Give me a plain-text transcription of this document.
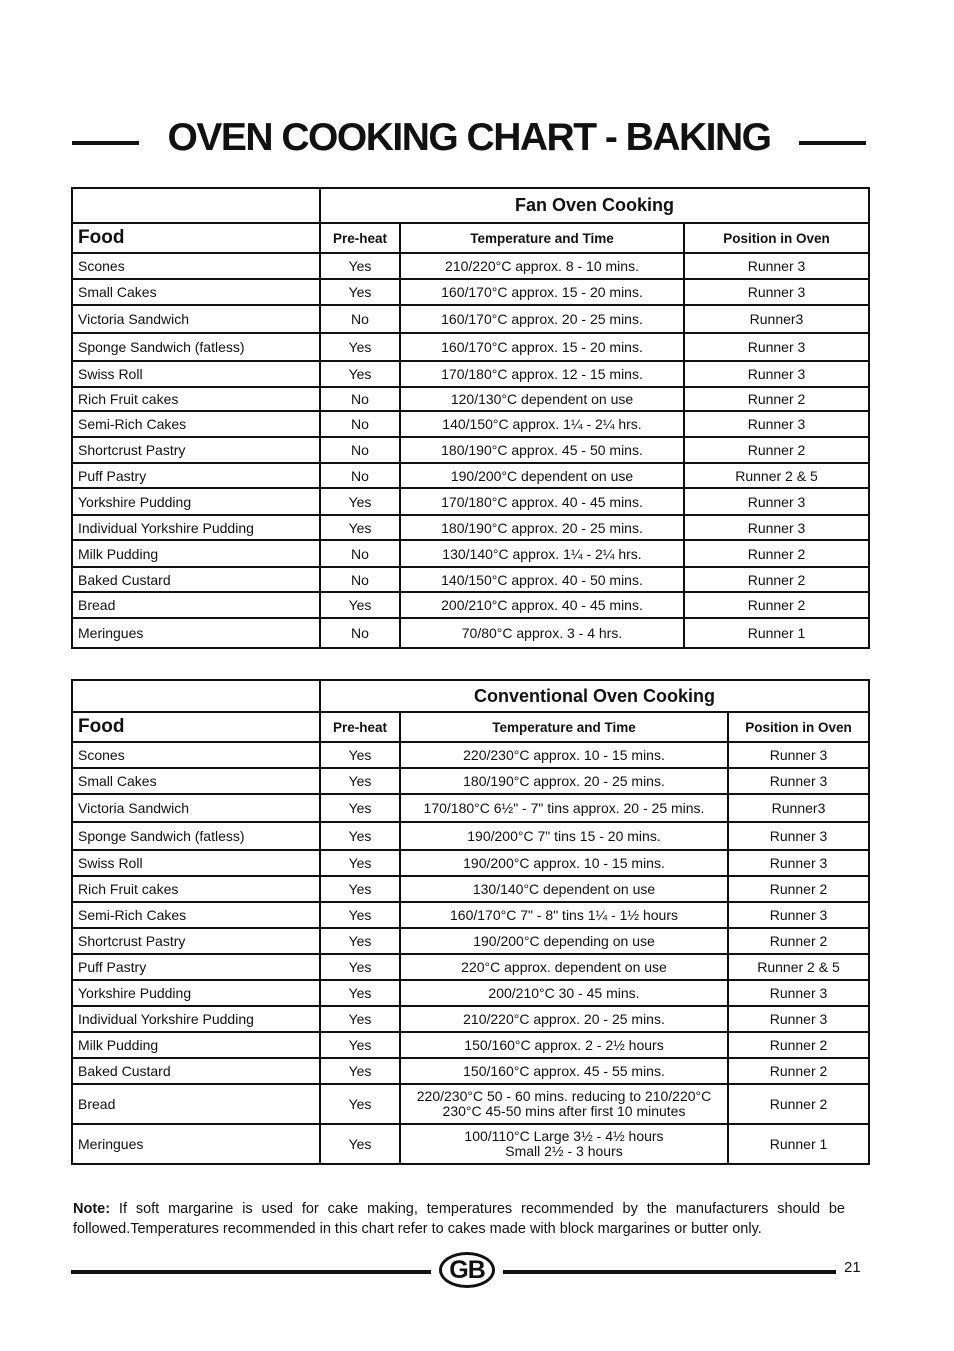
OVEN COOKING CHART - BAKING
	Fan Oven Cooking		
Food	Pre-heat	Temperature and Time	Position in Oven
Scones	Yes	210/220°C approx. 8 - 10 mins.	Runner 3
Small Cakes	Yes	160/170°C approx. 15 - 20 mins.	Runner 3
Victoria Sandwich	No	160/170°C approx. 20 - 25 mins.	Runner3
Sponge Sandwich (fatless)	Yes	160/170°C approx. 15 - 20 mins.	Runner 3
Swiss Roll	Yes	170/180°C approx. 12 - 15 mins.	Runner 3
Rich Fruit cakes	No	120/130°C dependent on use	Runner 2
Semi-Rich Cakes	No	140/150°C approx. 1¼ - 2¼ hrs.	Runner 3
Shortcrust Pastry	No	180/190°C approx. 45 - 50 mins.	Runner 2
Puff Pastry	No	190/200°C dependent on use	Runner 2 & 5
Yorkshire Pudding	Yes	170/180°C approx. 40 - 45 mins.	Runner 3
Individual Yorkshire Pudding	Yes	180/190°C approx. 20 - 25 mins.	Runner 3
Milk Pudding	No	130/140°C approx. 1¼ - 2¼ hrs.	Runner 2
Baked Custard	No	140/150°C approx. 40 - 50 mins.	Runner 2
Bread	Yes	200/210°C approx. 40 - 45 mins.	Runner 2
Meringues	No	70/80°C approx. 3 - 4 hrs.	Runner 1
	Conventional Oven Cooking		
Food	Pre-heat	Temperature and Time	Position in Oven
Scones	Yes	220/230°C approx. 10 - 15 mins.	Runner 3
Small Cakes	Yes	180/190°C approx. 20 - 25 mins.	Runner 3
Victoria Sandwich	Yes	170/180°C 6½" - 7" tins approx. 20 - 25 mins.	Runner3
Sponge Sandwich (fatless)	Yes	190/200°C 7" tins 15 - 20 mins.	Runner 3
Swiss Roll	Yes	190/200°C approx. 10 - 15 mins.	Runner 3
Rich Fruit cakes	Yes	130/140°C dependent on use	Runner 2
Semi-Rich Cakes	Yes	160/170°C 7" - 8" tins 1¼ - 1½ hours	Runner 3
Shortcrust Pastry	Yes	190/200°C depending on use	Runner 2
Puff Pastry	Yes	220°C approx. dependent on use	Runner 2 & 5
Yorkshire Pudding	Yes	200/210°C 30 - 45 mins.	Runner 3
Individual Yorkshire Pudding	Yes	210/220°C approx. 20 - 25 mins.	Runner 3
Milk Pudding	Yes	150/160°C approx. 2 - 2½ hours	Runner 2
Baked Custard	Yes	150/160°C approx. 45 - 55 mins.	Runner 2
Bread	Yes	220/230°C 50 - 60 mins. reducing to 210/220°C
230°C 45-50 mins after first 10 minutes	Runner 2
Meringues	Yes	100/110°C Large 3½ - 4½ hours
Small 2½ - 3 hours	Runner 1
Note: If soft margarine is used for cake making, temperatures recommended by the manufacturers should be followed.Temperatures recommended in this chart refer to cakes made with block margarines or butter only.
GB	21
